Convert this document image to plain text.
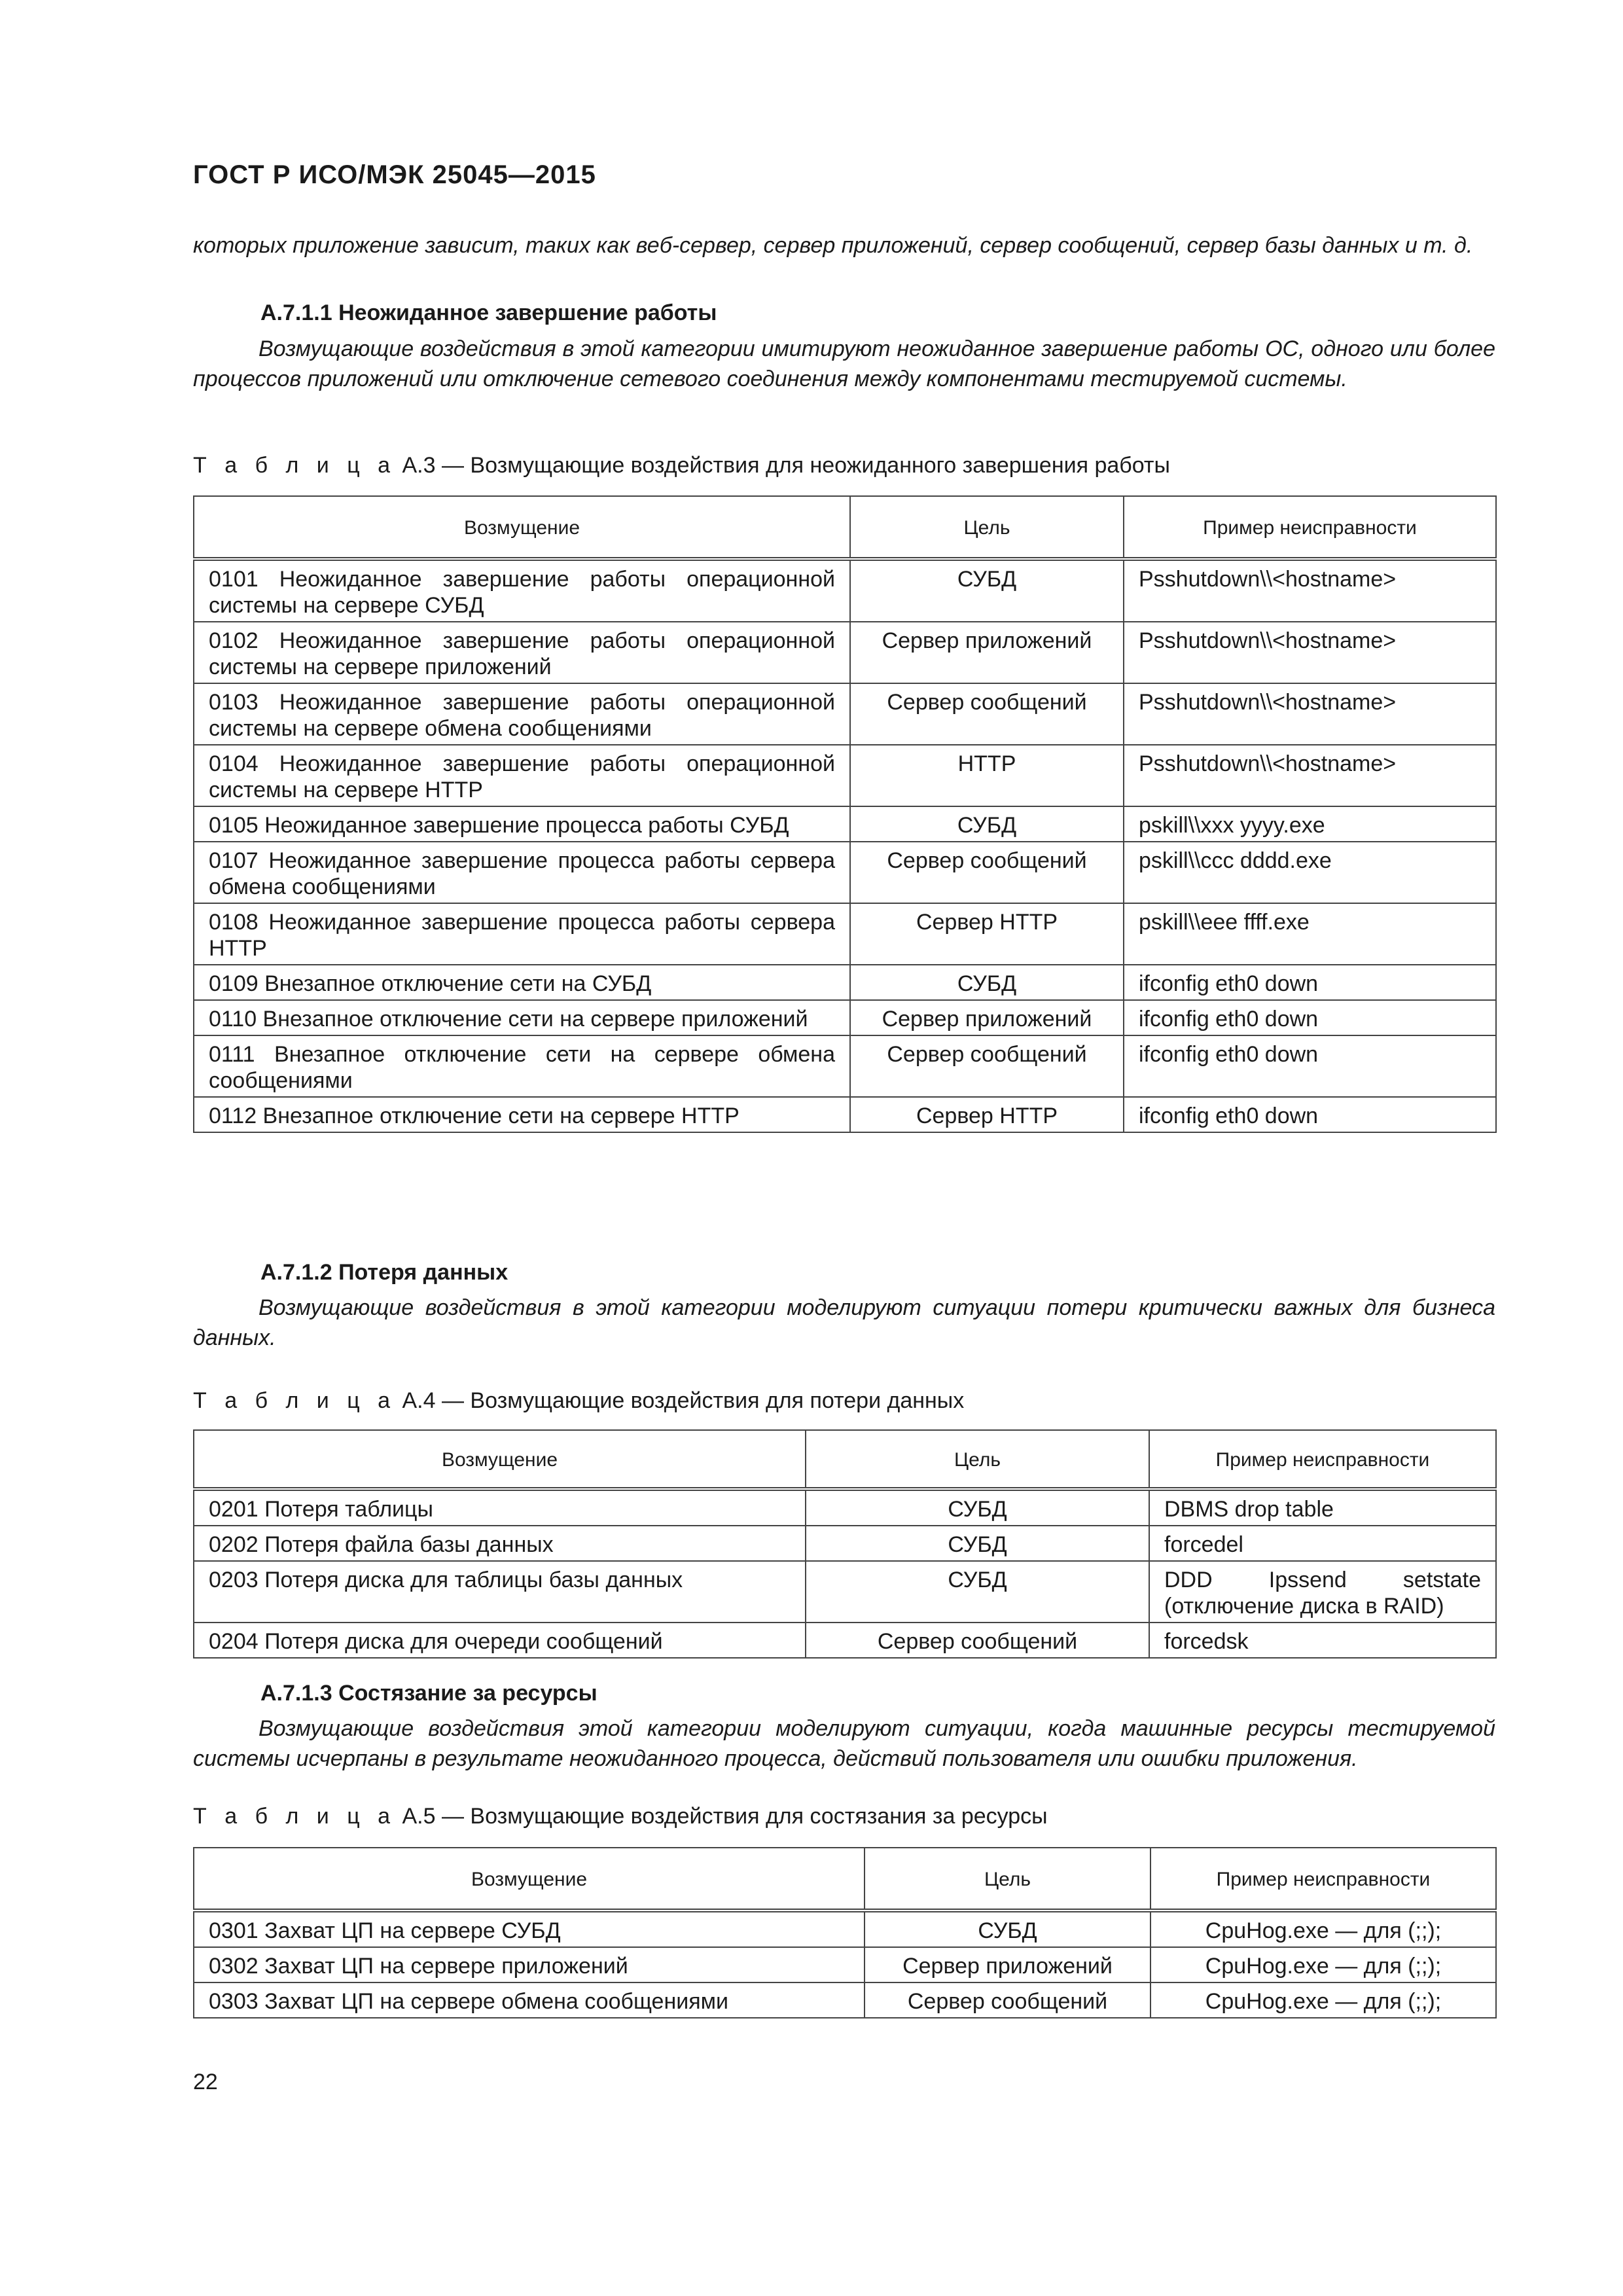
ГОСТ Р ИСО/МЭК 25045—2015
которых приложение зависит, таких как веб-сервер, сервер приложений, сервер сообщений, сервер базы данных и т. д.
А.7.1.1 Неожиданное завершение работы
Возмущающие воздействия в этой категории имитируют неожиданное завершение работы ОС, одного или более процессов приложений или отключение сетевого соединения между компонентами тестируемой системы.
Т а б л и ц а А.3 — Возмущающие воздействия для неожиданного завершения работы
Возмущение	Цель	Пример неисправности
0101 Неожиданное завершение работы операционной системы на сервере СУБД	СУБД	Psshutdown\\<hostname>
0102 Неожиданное завершение работы операционной системы на сервере приложений	Сервер приложений	Psshutdown\\<hostname>
0103 Неожиданное завершение работы операционной системы на сервере обмена сообщениями	Сервер сообщений	Psshutdown\\<hostname>
0104 Неожиданное завершение работы операционной системы на сервере HTTP	HTTP	Psshutdown\\<hostname>
0105 Неожиданное завершение процесса работы СУБД	СУБД	pskill\\xxx yyyy.exe
0107 Неожиданное завершение процесса работы сервера обмена сообщениями	Сервер сообщений	pskill\\ccc dddd.exe
0108 Неожиданное завершение процесса работы сервера HTTP	Сервер HTTP	pskill\\eee ffff.exe
0109 Внезапное отключение сети на СУБД	СУБД	ifconfig eth0 down
0110 Внезапное отключение сети на сервере приложений	Сервер приложений	ifconfig eth0 down
0111 Внезапное отключение сети на сервере обмена сообщениями	Сервер сообщений	ifconfig eth0 down
0112 Внезапное отключение сети на сервере HTTP	Сервер HTTP	ifconfig eth0 down
А.7.1.2 Потеря данных
Возмущающие воздействия в этой категории моделируют ситуации потери критически важных для бизнеса данных.
Т а б л и ц а А.4 — Возмущающие воздействия для потери данных
Возмущение	Цель	Пример неисправности
0201 Потеря таблицы	СУБД	DBMS drop table
0202 Потеря файла базы данных	СУБД	forcedel
0203 Потеря диска для таблицы базы данных	СУБД	DDD Ipssend setstate (отключение диска в RAID)
0204 Потеря диска для очереди сообщений	Сервер сообщений	forcedsk
А.7.1.3 Состязание за ресурсы
Возмущающие воздействия этой категории моделируют ситуации, когда машинные ресурсы тестируемой системы исчерпаны в результате неожиданного процесса, действий пользователя или ошибки приложения.
Т а б л и ц а А.5 — Возмущающие воздействия для состязания за ресурсы
Возмущение	Цель	Пример неисправности
0301 Захват ЦП на сервере СУБД	СУБД	CpuHog.exe — для (;;);
0302 Захват ЦП на сервере приложений	Сервер приложений	CpuHog.exe — для (;;);
0303 Захват ЦП на сервере обмена сообщениями	Сервер сообщений	CpuHog.exe — для (;;);
22
